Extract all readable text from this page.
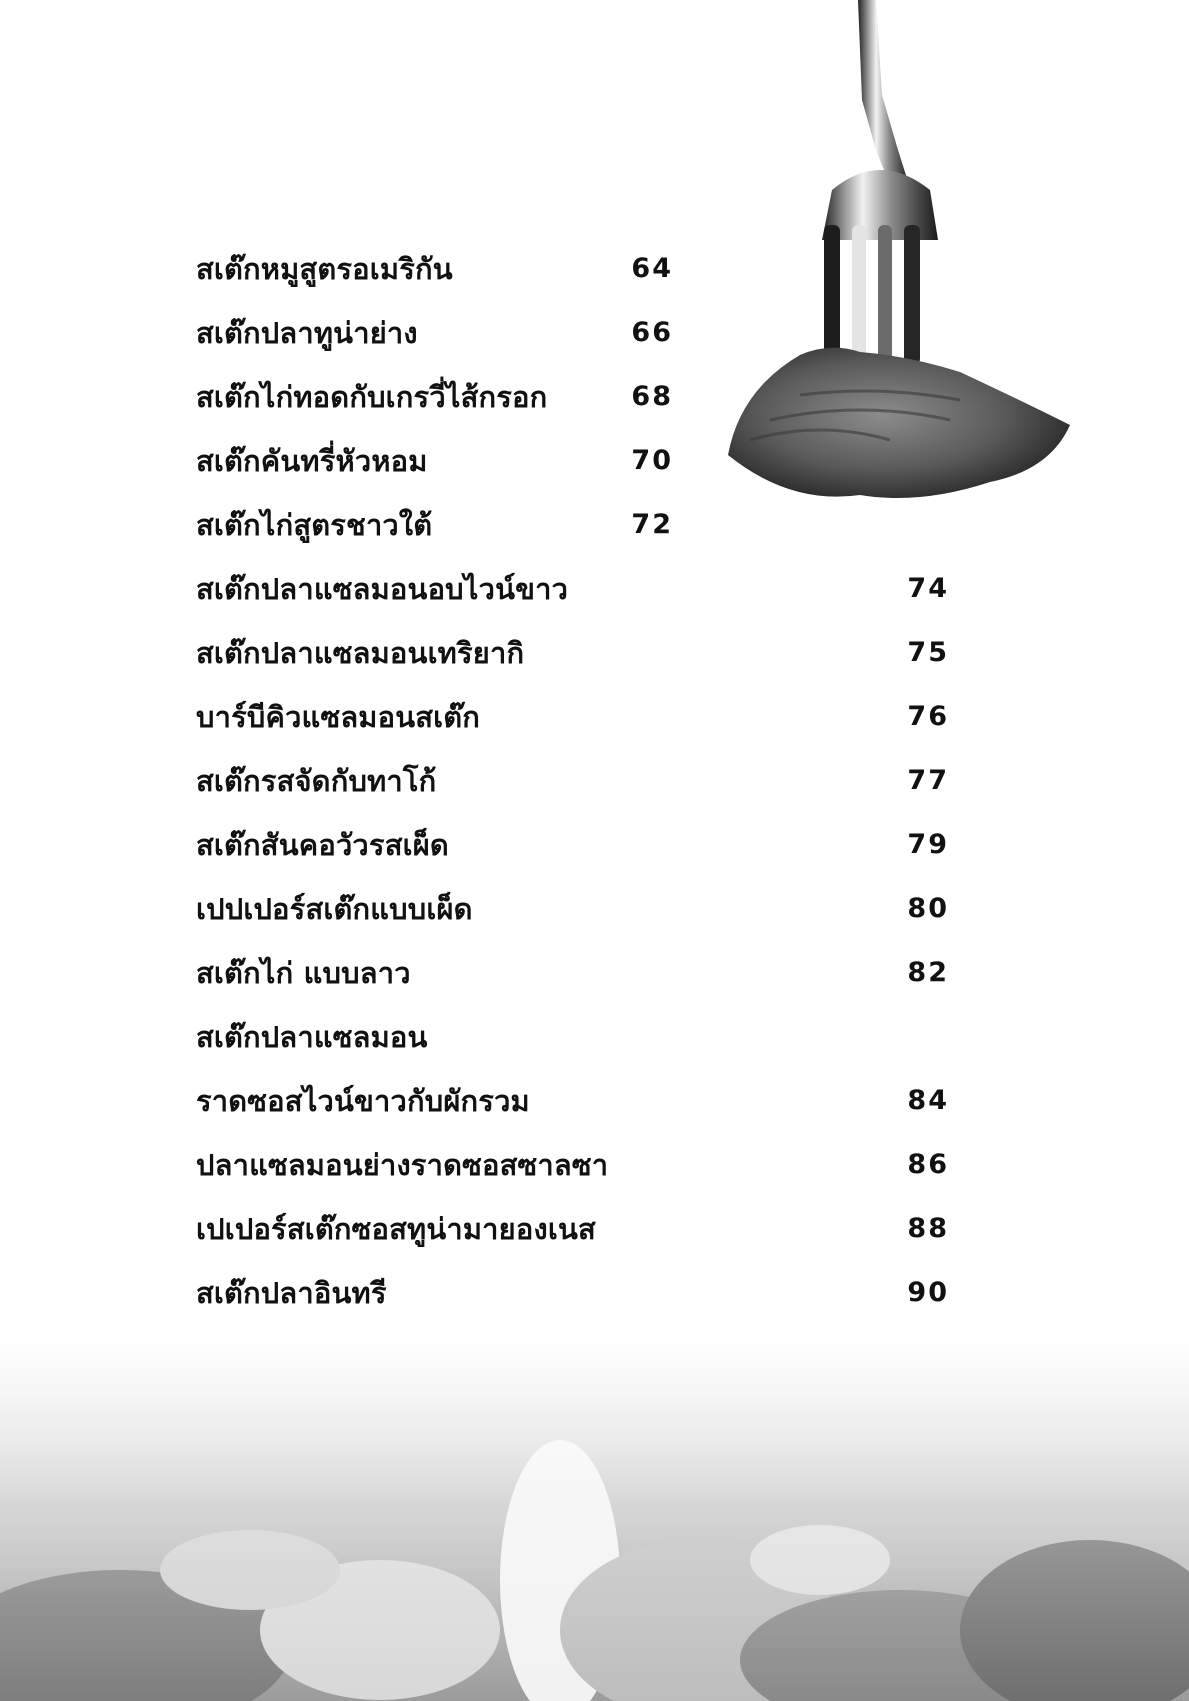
สเต๊กหมูสูตรอเมริกัน	64
สเต๊กปลาทูน่าย่าง	66
สเต๊กไก่ทอดกับเกรวี่ไส้กรอก	68
สเต๊กคันทรี่หัวหอม	70
สเต๊กไก่สูตรชาวใต้	72
สเต๊กปลาแซลมอนอบไวน์ขาว	74
สเต๊กปลาแซลมอนเทริยากิ	75
บาร์บีคิวแซลมอนสเต๊ก	76
สเต๊กรสจัดกับทาโก้	77
สเต๊กสันคอวัวรสเผ็ด	79
เปปเปอร์สเต๊กแบบเผ็ด	80
สเต๊กไก่ แบบลาว	82
สเต๊กปลาแซลมอน
ราดซอสไวน์ขาวกับผักรวม	84
ปลาแซลมอนย่างราดซอสซาลซา	86
เปเปอร์สเต๊กซอสทูน่ามายองเนส	88
สเต๊กปลาอินทรี	90
